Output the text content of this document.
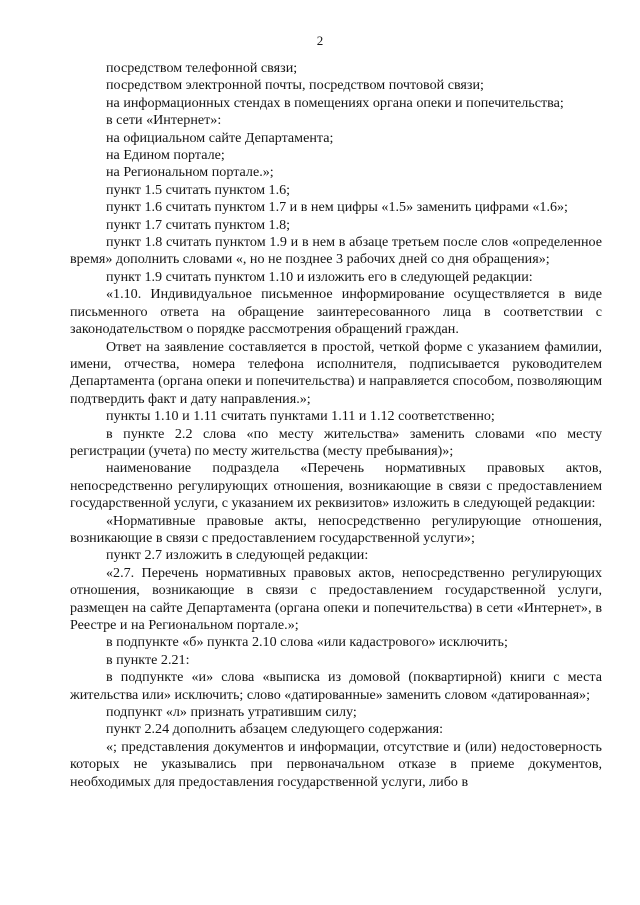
2

посредством телефонной связи;

посредством электронной почты, посредством почтовой связи;

на информационных стендах в помещениях органа опеки и попечительства;

в сети «Интернет»:

на официальном сайте Департамента;

на Едином портале;

на Региональном портале.»;

пункт 1.5 считать пунктом 1.6;

пункт 1.6 считать пунктом 1.7 и в нем цифры «1.5» заменить цифрами «1.6»;

пункт 1.7 считать пунктом 1.8;

пункт 1.8 считать пунктом 1.9 и в нем в абзаце третьем после слов «определенное время» дополнить словами «, но не позднее 3 рабочих дней со дня обращения»;

пункт 1.9 считать пунктом 1.10 и изложить его в следующей редакции:

«1.10. Индивидуальное письменное информирование осуществляется в виде письменного ответа на обращение заинтересованного лица в соответствии с законодательством о порядке рассмотрения обращений граждан.

Ответ на заявление составляется в простой, четкой форме с указанием фамилии, имени, отчества, номера телефона исполнителя, подписывается руководителем Департамента (органа опеки и попечительства) и направляется способом, позволяющим подтвердить факт и дату направления.»;

пункты 1.10 и 1.11 считать пунктами 1.11 и 1.12 соответственно;

в пункте 2.2 слова «по месту жительства» заменить словами «по месту регистрации (учета) по месту жительства (месту пребывания)»;

наименование подраздела «Перечень нормативных правовых актов, непосредственно регулирующих отношения, возникающие в связи с предоставлением государственной услуги, с указанием их реквизитов» изложить в следующей редакции:

«Нормативные правовые акты, непосредственно регулирующие отношения, возникающие в связи с предоставлением государственной услуги»;

пункт 2.7 изложить в следующей редакции:

«2.7. Перечень нормативных правовых актов, непосредственно регулирующих отношения, возникающие в связи с предоставлением государственной услуги, размещен на сайте Департамента (органа опеки и попечительства) в сети «Интернет», в Реестре и на Региональном портале.»;

в подпункте «б» пункта 2.10 слова «или кадастрового» исключить;

в пункте 2.21:

в подпункте «и» слова «выписка из домовой (поквартирной) книги с места жительства или» исключить; слово «датированные» заменить словом «датированная»;

подпункт «л» признать утратившим силу;

пункт 2.24 дополнить абзацем следующего содержания:

«; представления документов и информации, отсутствие и (или) недостоверность которых не указывались при первоначальном отказе в приеме документов, необходимых для предоставления государственной услуги, либо в
